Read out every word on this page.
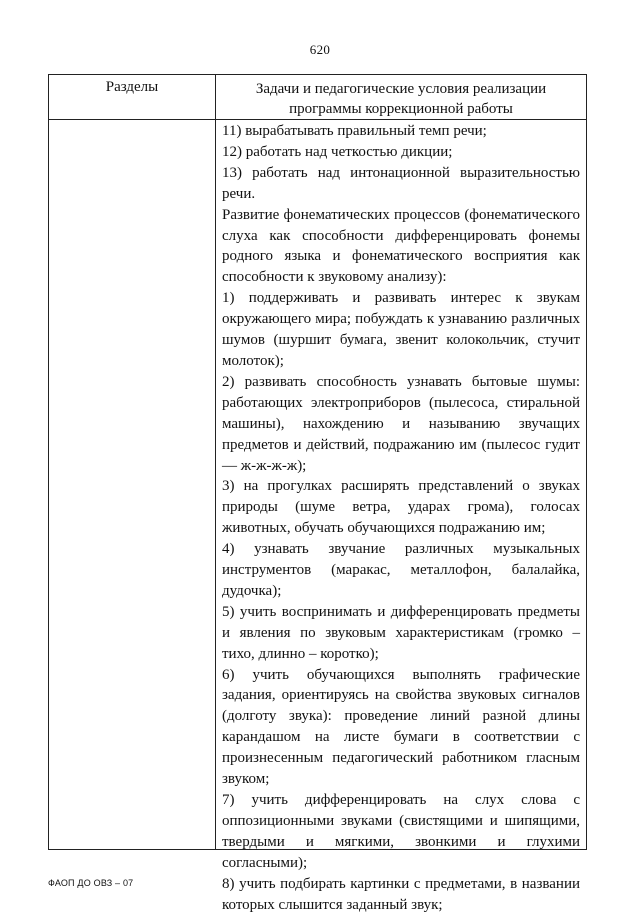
620
Разделы	Задачи и педагогические условия реализации
программы коррекционной работы

11) вырабатывать правильный темп речи;

12) работать над четкостью дикции;

13) работать над интонационной выразительностью речи.

Развитие фонематических процессов (фонематического слуха как способности дифференцировать фонемы родного языка и фонематического восприятия как способности к звуковому анализу):

1) поддерживать и развивать интерес к звукам окружающего мира; побуждать к узнаванию различных шумов (шуршит бумага, звенит колокольчик, стучит молоток);

2) развивать способность узнавать бытовые шумы: работающих электроприборов (пылесоса, стиральной машины), нахождению и называнию звучащих предметов и действий, подражанию им (пылесос гудит — ж-ж-ж-ж);

3) на прогулках расширять представлений о звуках природы (шуме ветра, ударах грома), голосах животных, обучать обучающихся подражанию им;

4) узнавать звучание различных музыкальных инструментов (маракас, металлофон, балалайка, дудочка);

5) учить воспринимать и дифференцировать предметы и явления по звуковым характеристикам (громко – тихо, длинно – коротко);

6) учить обучающихся выполнять графические задания, ориентируясь на свойства звуковых сигналов (долготу звука): проведение линий разной длины карандашом на листе бумаги в соответствии с произнесенным педагогический работником гласным звуком;

7) учить дифференцировать на слух слова с оппозиционными звуками (свистящими и шипящими, твердыми и мягкими, звонкими и глухими согласными);

8) учить подбирать картинки с предметами, в названии которых слышится заданный звук;

ФАОП ДО ОВЗ – 07
